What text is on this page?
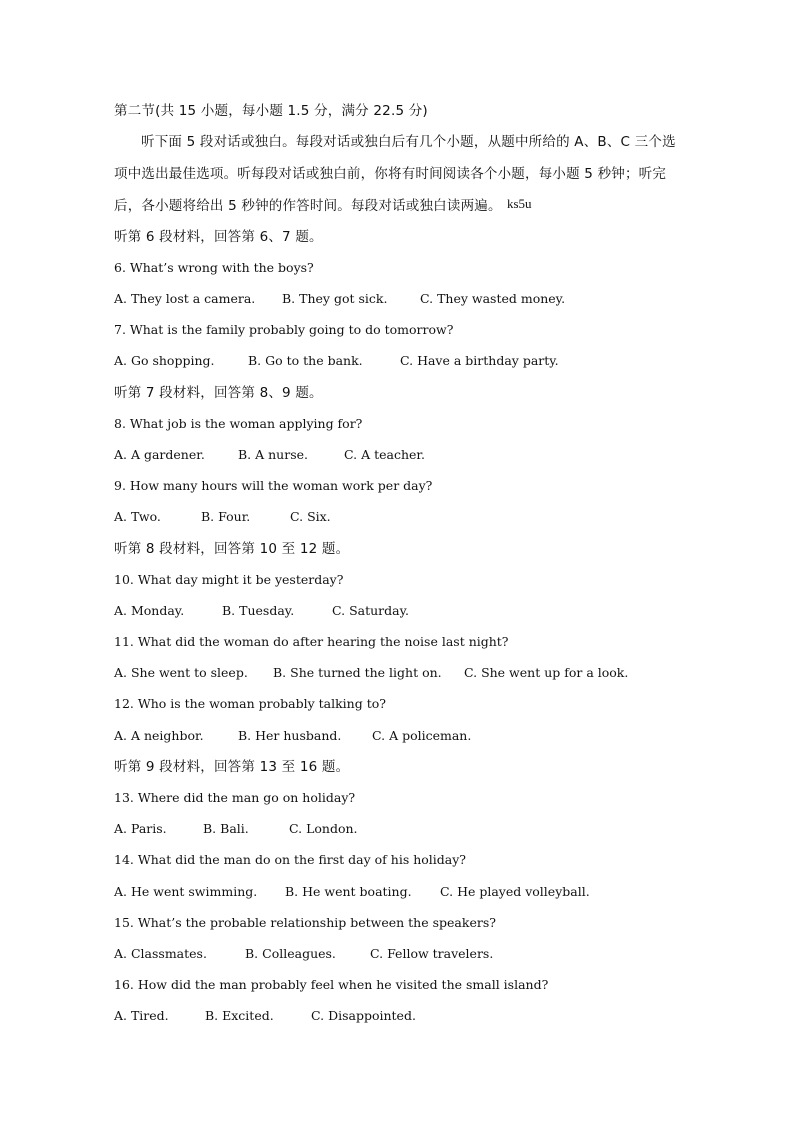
第二节(共 15 小题，每小题 1.5 分，满分 22.5 分)
听下面 5 段对话或独白。每段对话或独白后有几个小题，从题中所给的 A、B、C 三个选
项中选出最佳选项。听每段对话或独白前，你将有时间阅读各个小题，每小题 5 秒钟；听完
后，各小题将给出 5 秒钟的作答时间。每段对话或独白读两遍。 ks5u
听第 6 段材料，回答第 6、7 题。
6. What’s wrong with the boys?
A. They lost a camera. B. They got sick.	C. They wasted money.
7. What is the family probably going to do tomorrow?
A. Go shopping.	B. Go to the bank.	C. Have a birthday party.
听第 7 段材料，回答第 8、9 题。
8. What job is the woman applying for?
A. A gardener.	B. A nurse.	C. A teacher.
9. How many hours will the woman work per day?
A. Two.	B. Four.	C. Six.
听第 8 段材料，回答第 10 至 12 题。
10. What day might it be yesterday?
A. Monday.	B. Tuesday.	C. Saturday.
11. What did the woman do after hearing the noise last night?
A. She went to sleep. B. She turned the light on. C. She went up for a look.
12. Who is the woman probably talking to?
A. A neighbor.	B. Her husband. C. A policeman.
听第 9 段材料，回答第 13 至 16 题。
13. Where did the man go on holiday?
A. Paris.	B. Bali.	C. London.
14. What did the man do on the first day of his holiday?
A. He went swimming. B. He went boating. C. He played volleyball.
15. What’s the probable relationship between the speakers?
A. Classmates.	B. Colleagues.	C. Fellow travelers.
16. How did the man probably feel when he visited the small island?
A. Tired.	B. Excited.	C. Disappointed.
